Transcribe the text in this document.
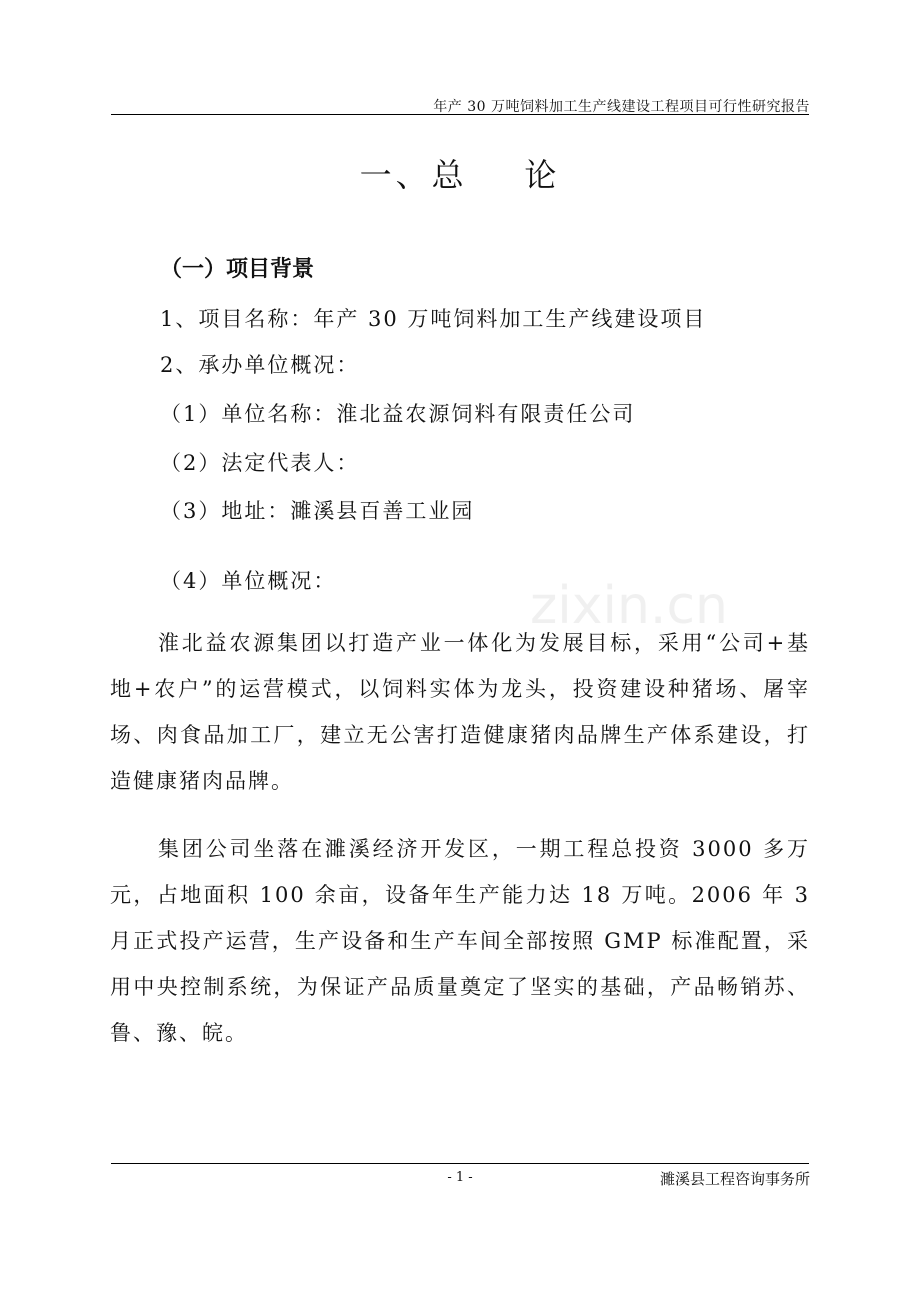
年产 30 万吨饲料加工生产线建设工程项目可行性研究报告
一、总    论
（一）项目背景
1、项目名称：年产 30 万吨饲料加工生产线建设项目
2、承办单位概况：
（1）单位名称：淮北益农源饲料有限责任公司
（2）法定代表人：
（3）地址：濉溪县百善工业园
（4）单位概况：	zixin.cn

淮北益农源集团以打造产业一体化为发展目标，采用“公司+基地+农户”的运营模式，以饲料实体为龙头，投资建设种猪场、屠宰场、肉食品加工厂，建立无公害打造健康猪肉品牌生产体系建设，打造健康猪肉品牌。

集团公司坐落在濉溪经济开发区，一期工程总投资 3000 多万元，占地面积 100 余亩，设备年生产能力达 18 万吨。2006 年 3 月正式投产运营，生产设备和生产车间全部按照 GMP 标准配置，采用中央控制系统，为保证产品质量奠定了坚实的基础，产品畅销苏、鲁、豫、皖。

- 1 -	濉溪县工程咨询事务所
